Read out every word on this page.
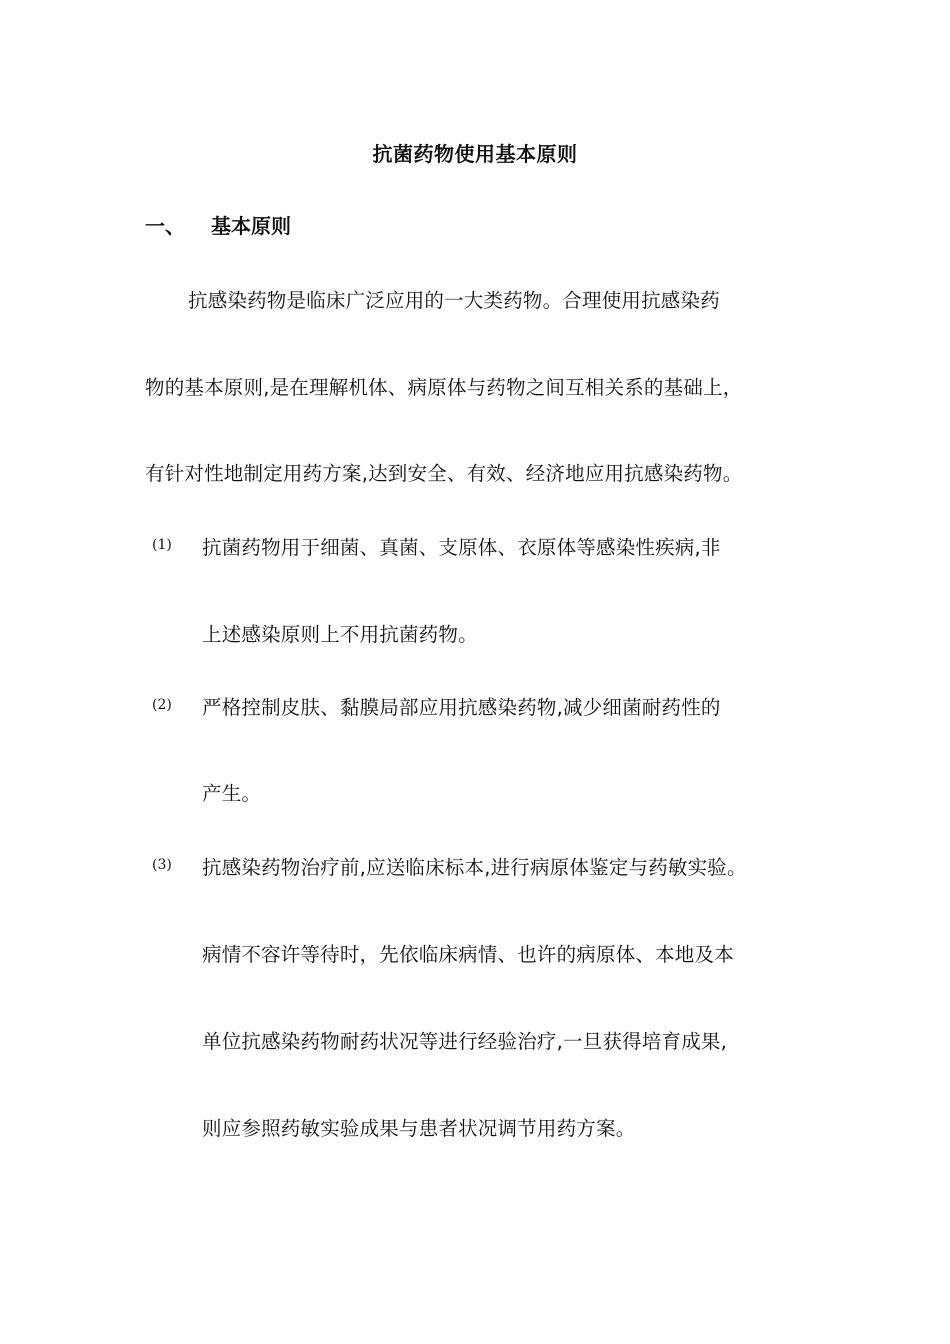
抗菌药物使用基本原则
一、 基本原则
抗感染药物是临床广泛应用的一大类药物。合理使用抗感染药
物的基本原则,是在理解机体、病原体与药物之间互相关系的基础上，
有针对性地制定用药方案,达到安全、有效、经济地应用抗感染药物。
(1) 抗菌药物用于细菌、真菌、支原体、衣原体等感染性疾病,非
上述感染原则上不用抗菌药物。
(2) 严格控制皮肤、黏膜局部应用抗感染药物,减少细菌耐药性的
产生。
(3) 抗感染药物治疗前,应送临床标本,进行病原体鉴定与药敏实验。
病情不容许等待时，先依临床病情、也许的病原体、本地及本
单位抗感染药物耐药状况等进行经验治疗,一旦获得培育成果,
则应参照药敏实验成果与患者状况调节用药方案。
